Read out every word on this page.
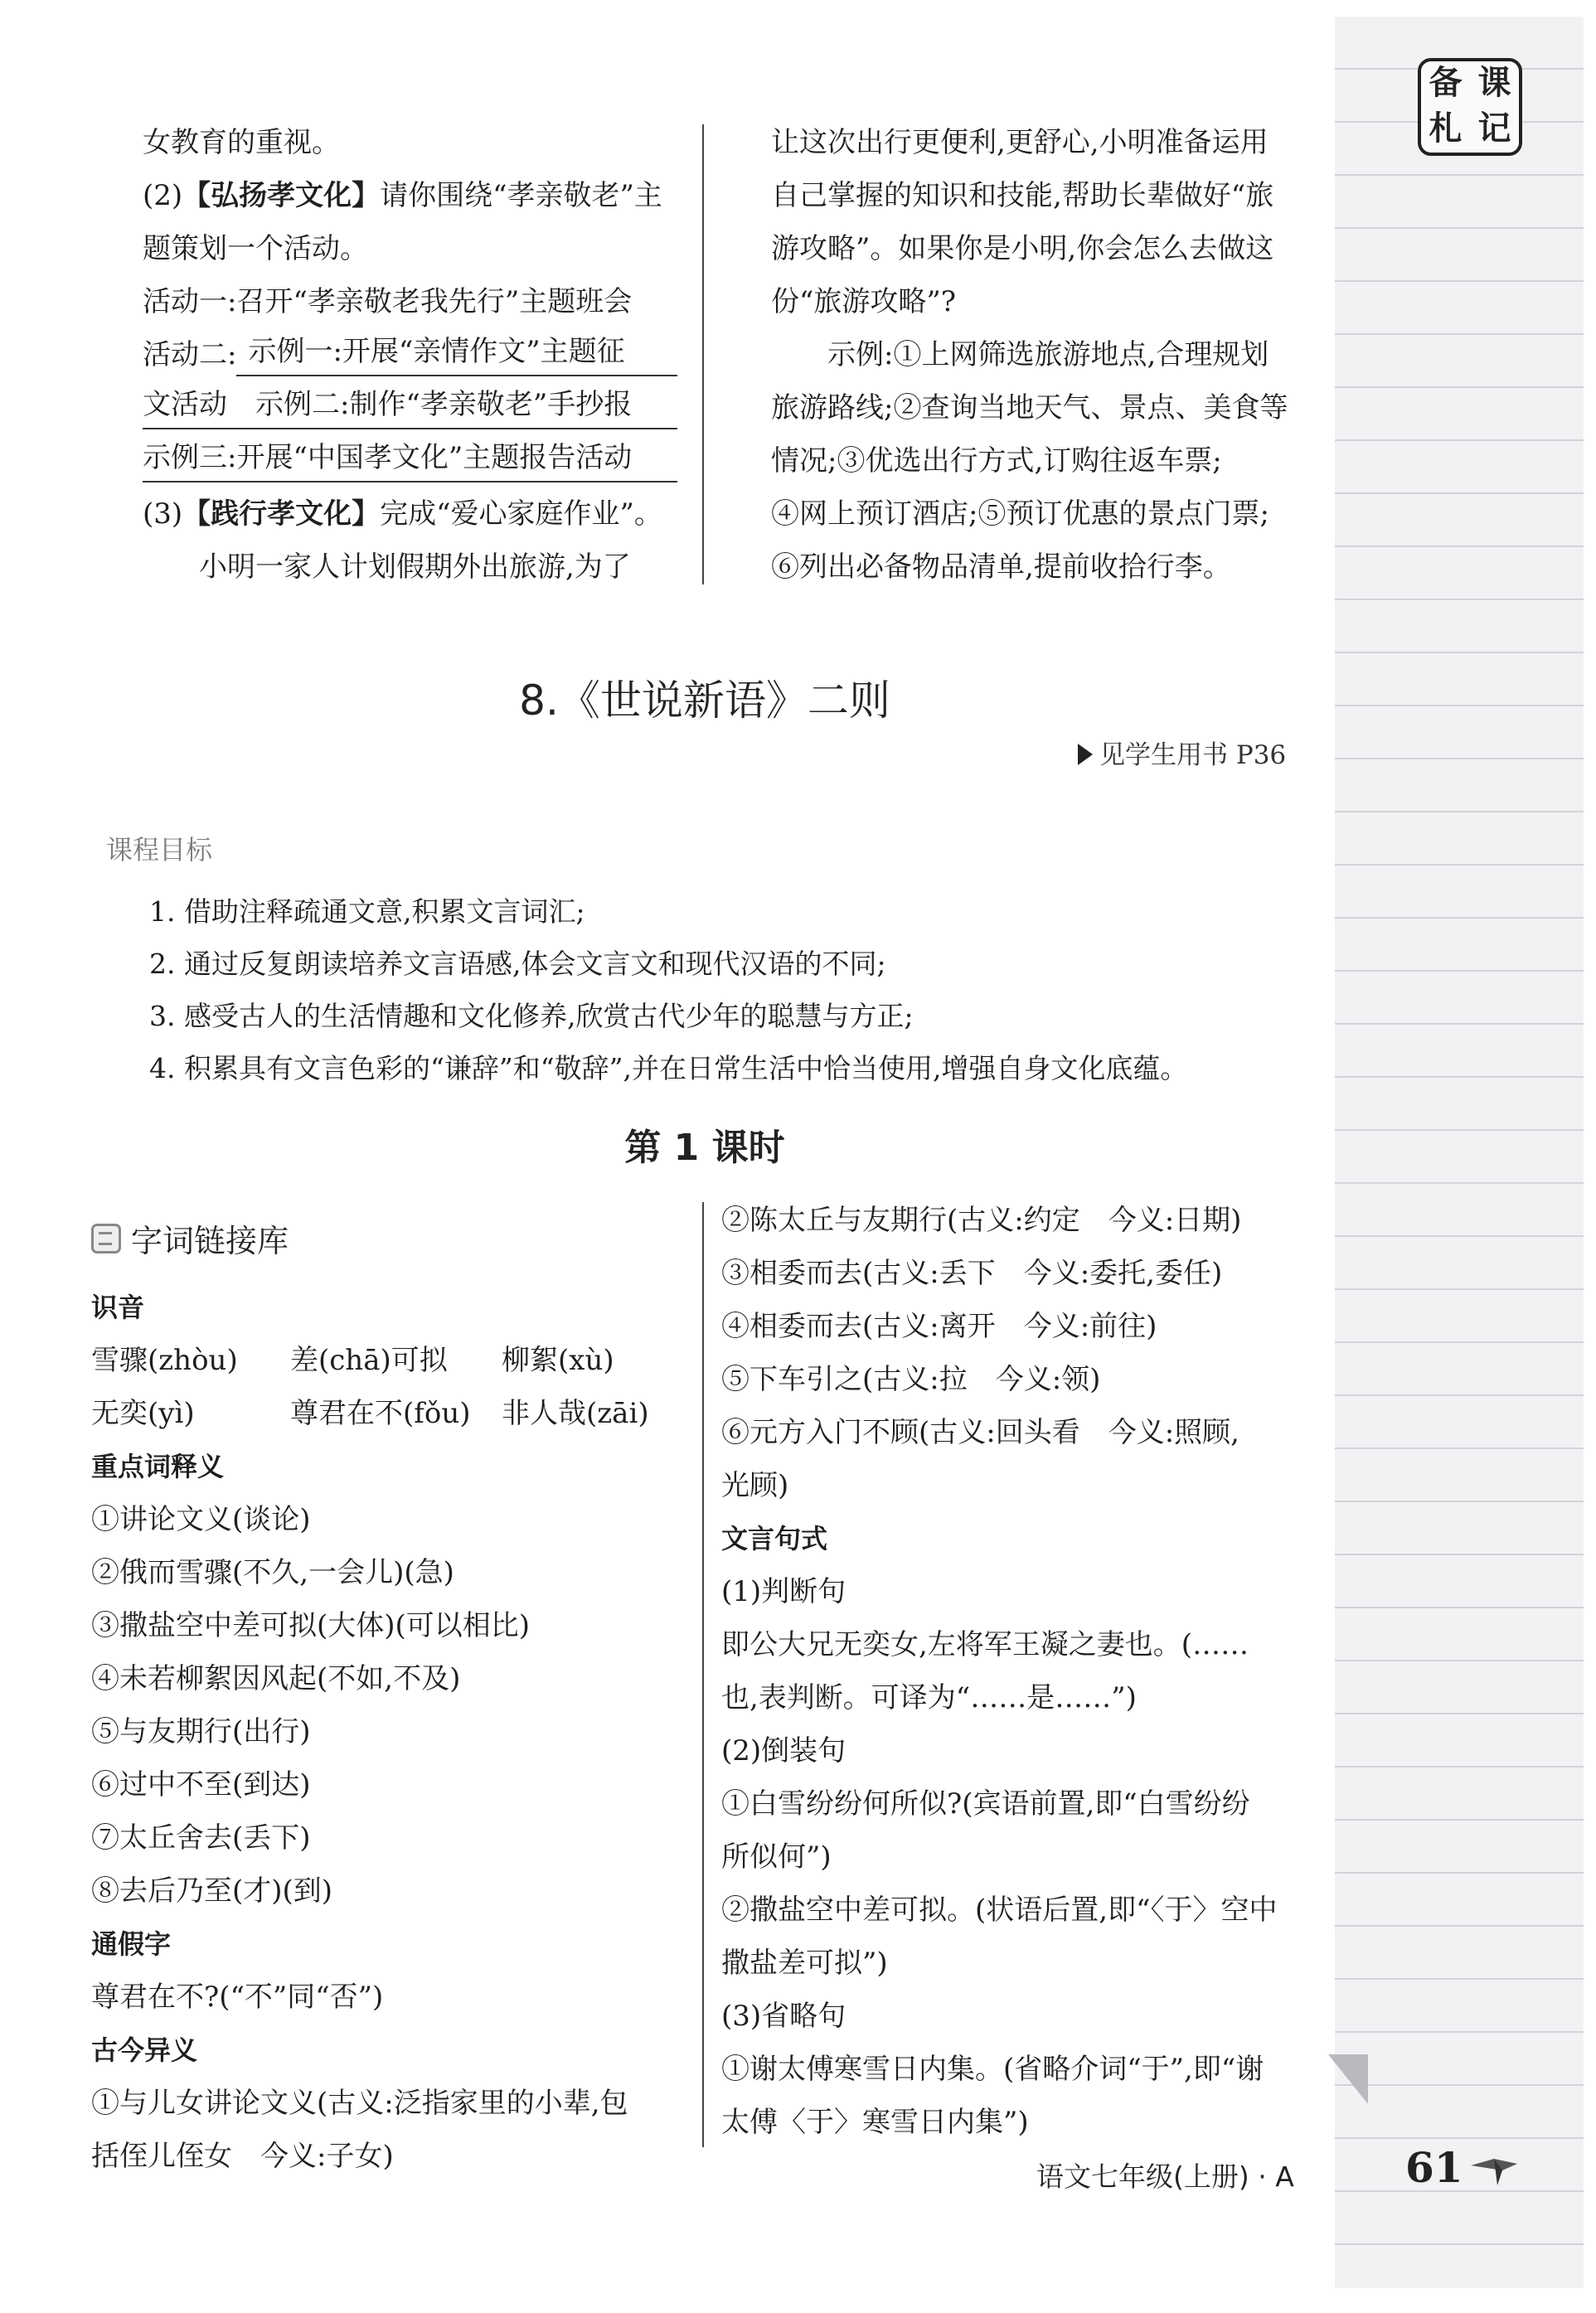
备 课
札 记

女教育的重视。

(2)【弘扬孝文化】请你围绕“孝亲敬老”主

题策划一个活动。

活动一:召开“孝亲敬老我先行”主题班会

活动二: 示例一:开展“亲情作文”主题征

文活动　示例二:制作“孝亲敬老”手抄报

示例三:开展“中国孝文化”主题报告活动

(3)【践行孝文化】完成“爱心家庭作业”。

小明一家人计划假期外出旅游,为了

让这次出行更便利,更舒心,小明准备运用

自己掌握的知识和技能,帮助长辈做好“旅

游攻略”。如果你是小明,你会怎么去做这

份“旅游攻略”?

示例:①上网筛选旅游地点,合理规划

旅游路线;②查询当地天气、景点、美食等

情况;③优选出行方式,订购往返车票;

④网上预订酒店;⑤预订优惠的景点门票;

⑥列出必备物品清单,提前收拾行李。

8.《世说新语》二则
见学生用书 P36
课程目标
1. 借助注释疏通文意,积累文言词汇;
2. 通过反复朗读培养文言语感,体会文言文和现代汉语的不同;
3. 感受古人的生活情趣和文化修养,欣赏古代少年的聪慧与方正;
4. 积累具有文言色彩的“谦辞”和“敬辞”,并在日常生活中恰当使用,增强自身文化底蕴。
第 1 课时
字词链接库

识音

雪骤(zhòu)	差(chā)可拟	柳絮(xù)

无奕(yì)	尊君在不(fǒu)	非人哉(zāi)

重点词释义

①讲论文义(谈论)

②俄而雪骤(不久,一会儿)(急)

③撒盐空中差可拟(大体)(可以相比)

④未若柳絮因风起(不如,不及)

⑤与友期行(出行)

⑥过中不至(到达)

⑦太丘舍去(丢下)

⑧去后乃至(才)(到)

通假字

尊君在不?(“不”同“否”)

古今异义

①与儿女讲论文义(古义:泛指家里的小辈,包

括侄儿侄女　今义:子女)

②陈太丘与友期行(古义:约定　今义:日期)

③相委而去(古义:丢下　今义:委托,委任)

④相委而去(古义:离开　今义:前往)

⑤下车引之(古义:拉　今义:领)

⑥元方入门不顾(古义:回头看　今义:照顾,

光顾)

文言句式

(1)判断句

即公大兄无奕女,左将军王凝之妻也。(……

也,表判断。可译为“……是……”)

(2)倒装句

①白雪纷纷何所似?(宾语前置,即“白雪纷纷

所似何”)

②撒盐空中差可拟。(状语后置,即“〈于〉空中

撒盐差可拟”)

(3)省略句

①谢太傅寒雪日内集。(省略介词“于”,即“谢

太傅〈于〉寒雪日内集”)

语文七年级(上册) · A	61
